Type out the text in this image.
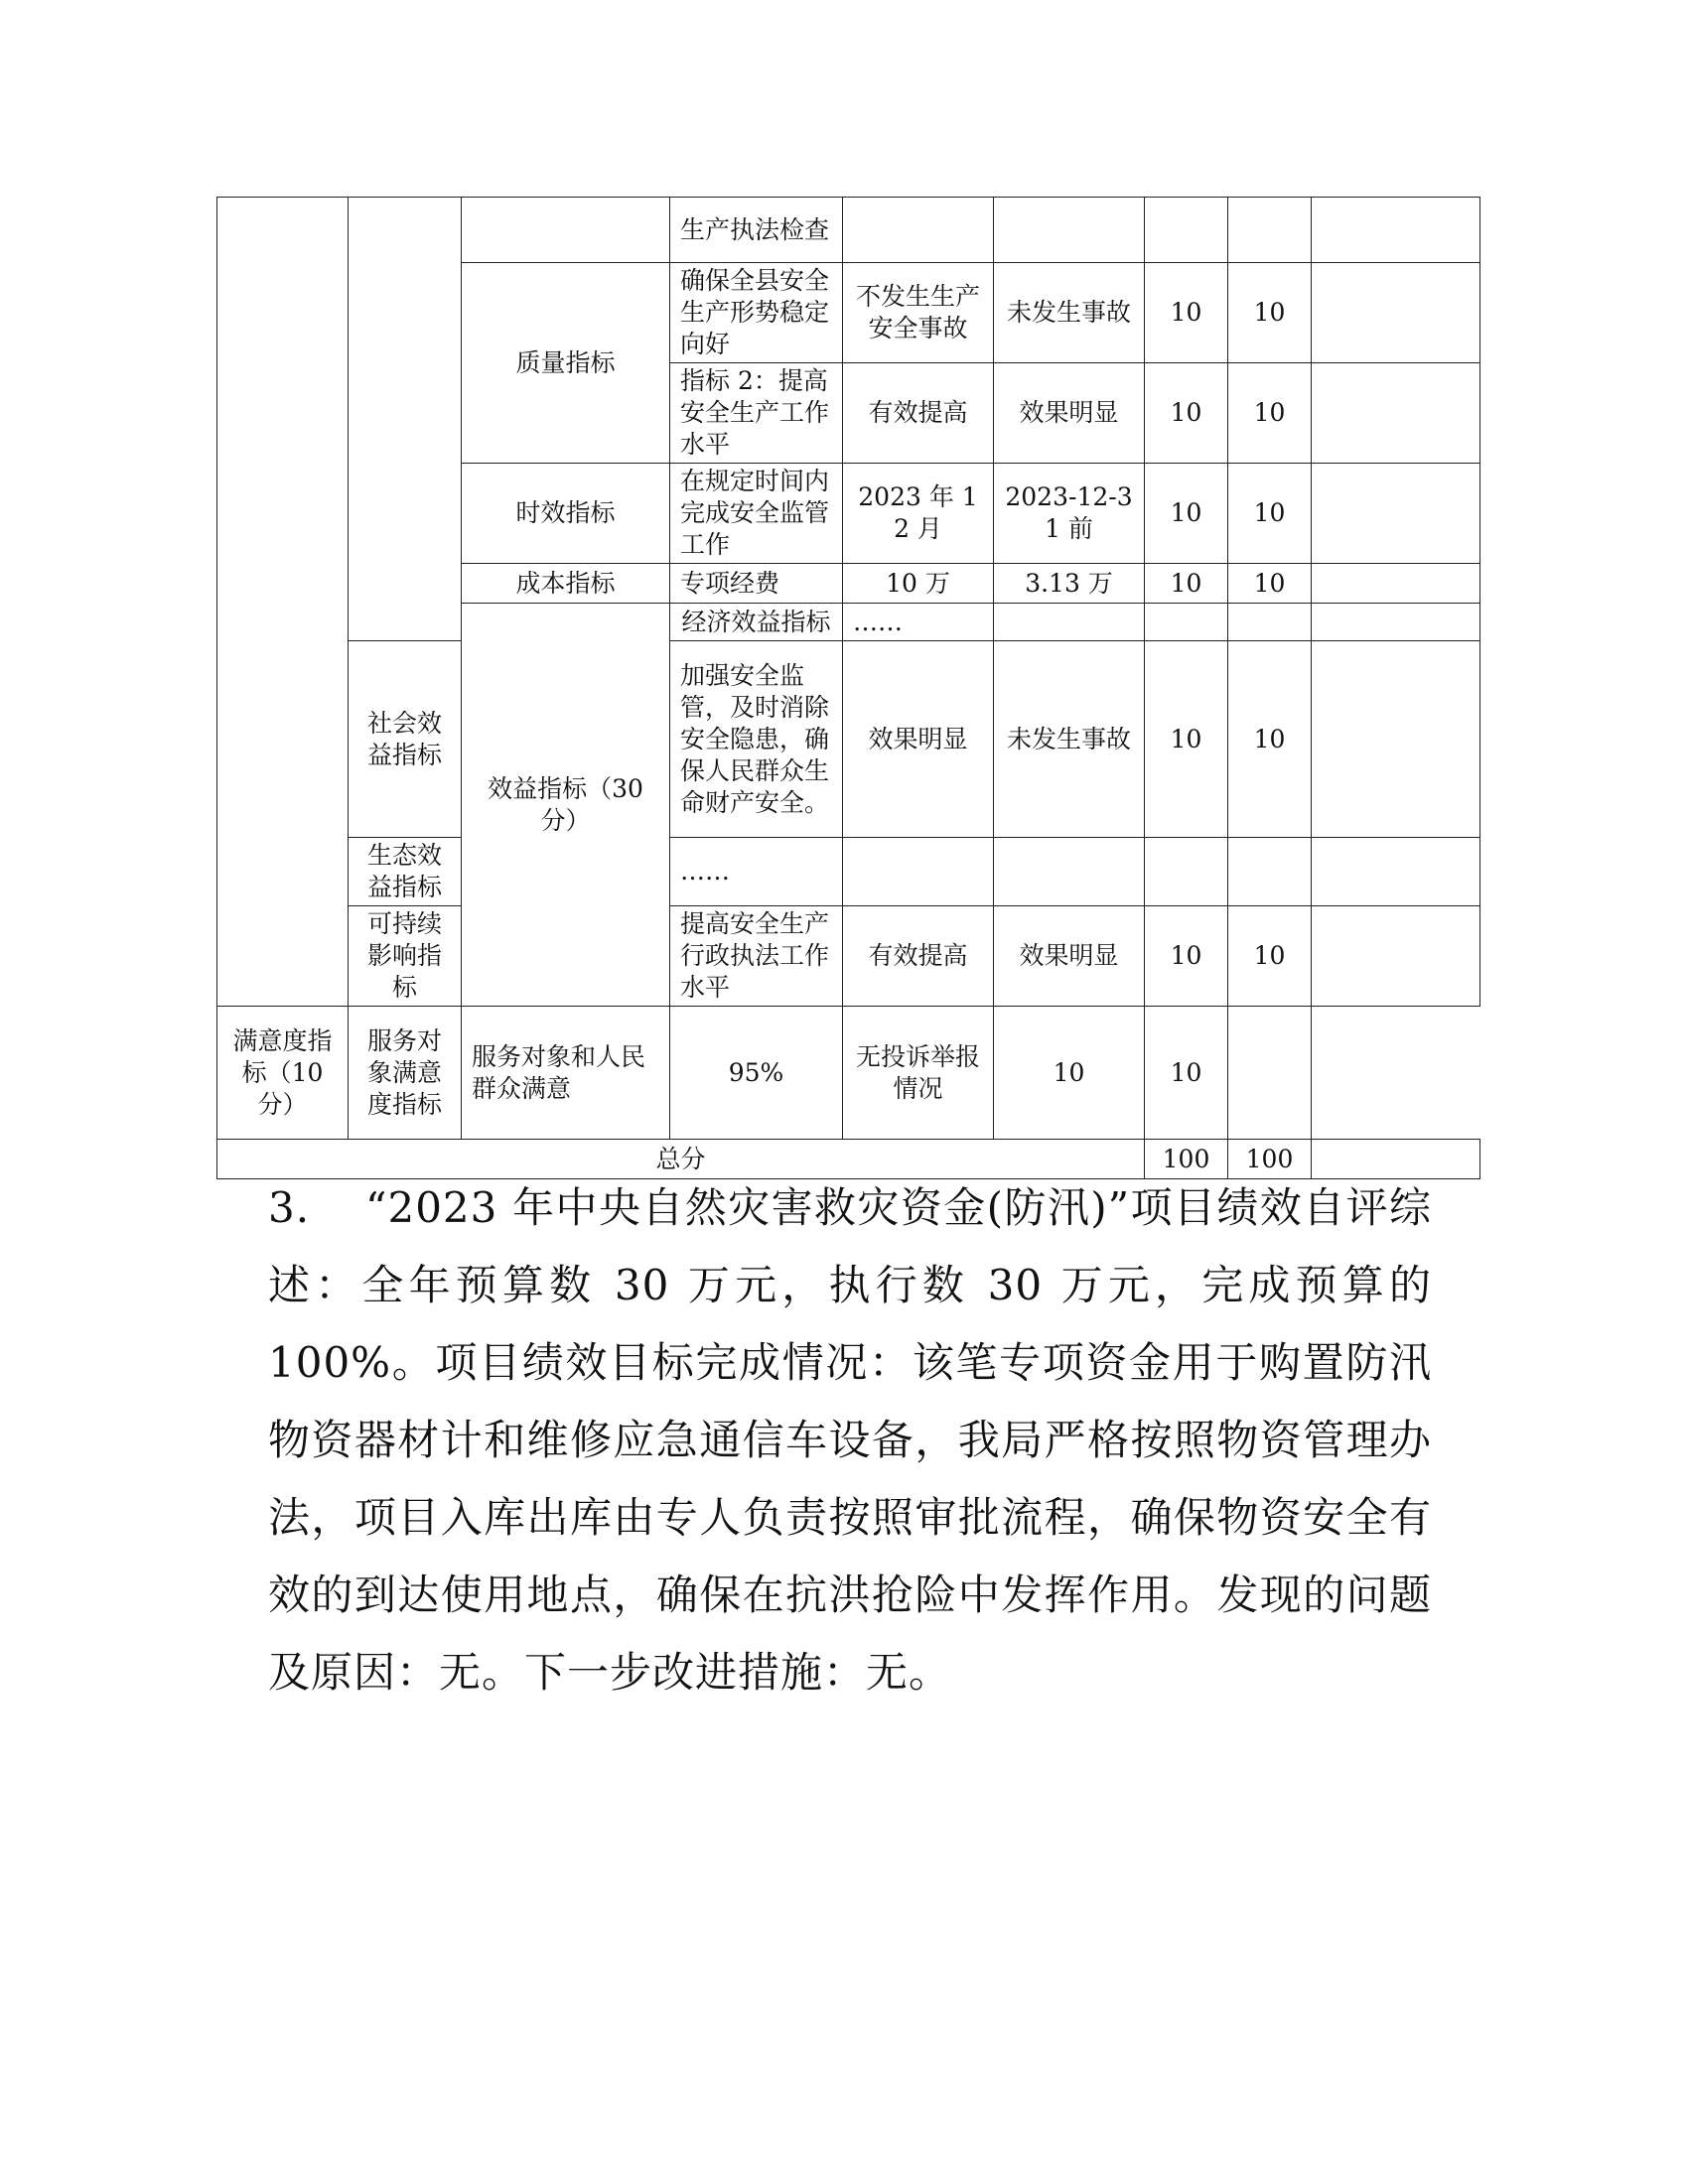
			生产执法检查						
		质量指标	确保全县安全生产形势稳定向好	不发生生产安全事故	未发生事故	10	10		
			指标 2：提高安全生产工作水平	有效提高	效果明显	10	10		
		时效指标	在规定时间内完成安全监管工作	2023 年 12 月	2023-12-31 前	10	10		
		成本指标	专项经费	10 万	3.13 万	10	10		
		效益指标（30 分）	经济效益指标	……					
	社会效益指标		加强安全监管，及时消除安全隐患，确保人民群众生命财产安全。	效果明显	未发生事故	10	10		
	生态效益指标		……						
	可持续影响指标		提高安全生产行政执法工作水平	有效提高	效果明显	10	10		
满意度指标（10 分）	服务对象满意度指标	服务对象和人民群众满意	95%	无投诉举报情况	10	10			
总分						100	100		
3. “2023 年中央自然灾害救灾资金(防汛)”项目绩效自评综述：全年预算数 30 万元，执行数 30 万元，完成预算的 100%。项目绩效目标完成情况：该笔专项资金用于购置防汛物资器材计和维修应急通信车设备，我局严格按照物资管理办法，项目入库出库由专人负责按照审批流程，确保物资安全有效的到达使用地点，确保在抗洪抢险中发挥作用。发现的问题及原因：无。下一步改进措施：无。
